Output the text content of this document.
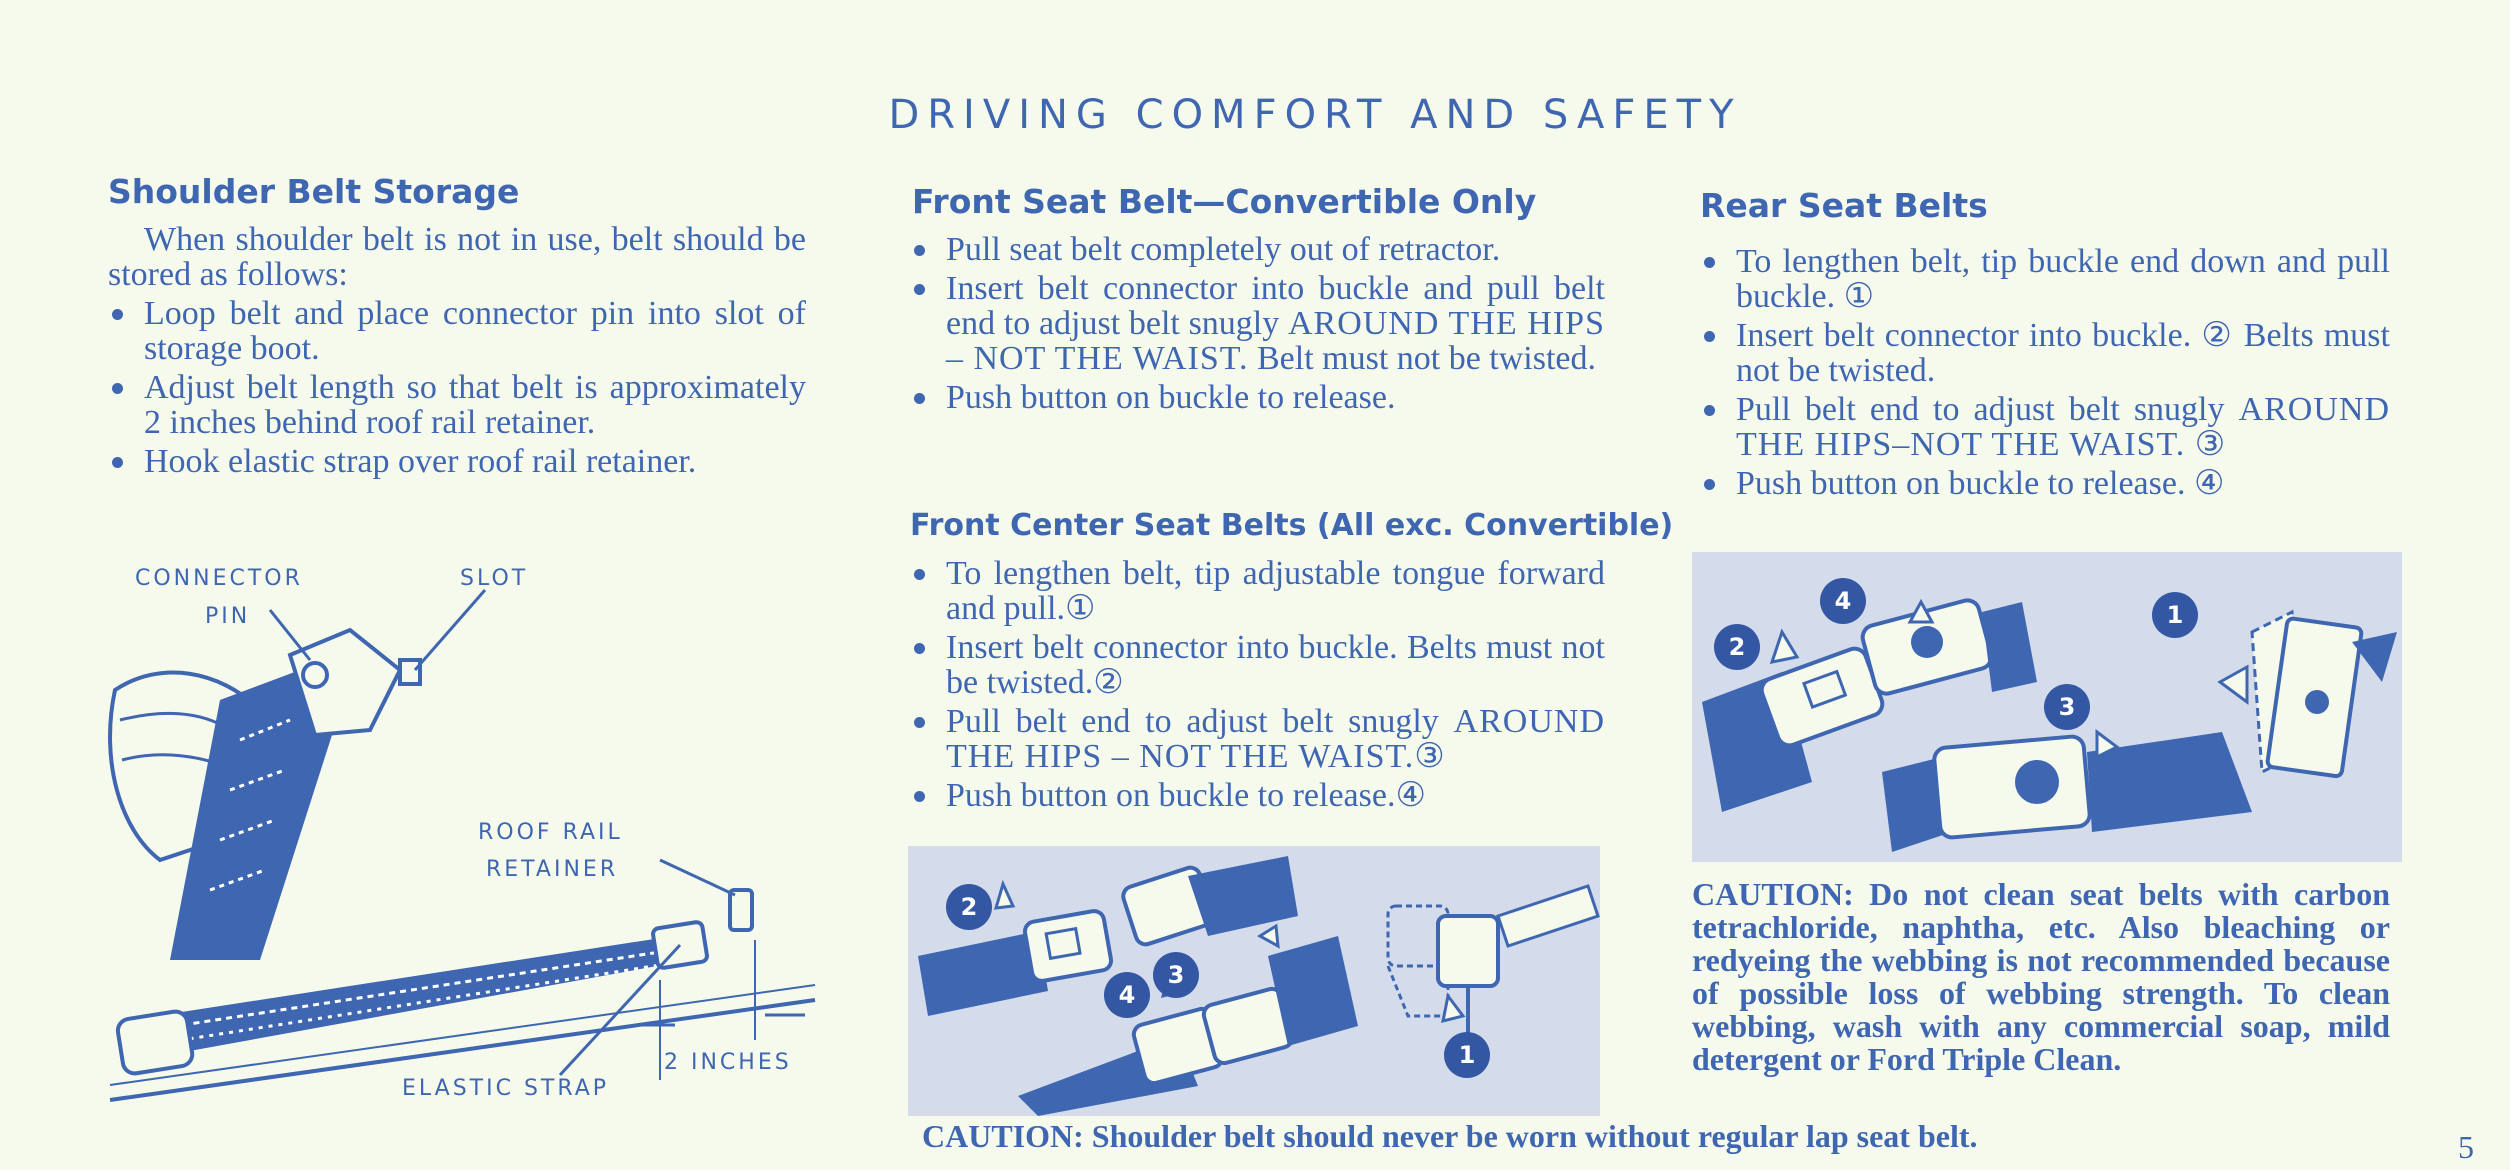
DRIVING COMFORT AND SAFETY
Shoulder Belt Storage
When shoulder belt is not in use, belt should be stored as follows:
Loop belt and place connector pin into slot of storage boot.
Adjust belt length so that belt is approximately 2 inches behind roof rail retainer.
Hook elastic strap over roof rail retainer.
CONNECTOR
PIN
SLOT
ROOF RAIL
RETAINER
2 INCHES
ELASTIC STRAP
Front Seat Belt—Convertible Only
Pull seat belt completely out of retractor.
Insert belt connector into buckle and pull belt end to adjust belt snugly AROUND THE HIPS – NOT THE WAIST. Belt must not be twisted.
Push button on buckle to release.
Front Center Seat Belts (All exc. Convertible)
To lengthen belt, tip adjustable tongue forward and pull.①
Insert belt connector into buckle. Belts must not be twisted.②
Pull belt end to adjust belt snugly AROUND THE HIPS – NOT THE WAIST.③
Push button on buckle to release.④
2
3
4
1
CAUTION: Shoulder belt should never be worn without regular lap seat belt.
Rear Seat Belts
To lengthen belt, tip buckle end down and pull buckle. ①
Insert belt connector into buckle. ② Belts must not be twisted.
Pull belt end to adjust belt snugly AROUND THE HIPS–NOT THE WAIST. ③
Push button on buckle to release. ④
2
4
3
1
CAUTION: Do not clean seat belts with carbon tetrachloride, naphtha, etc. Also bleaching or redyeing the webbing is not recommended because of possible loss of webbing strength. To clean webbing, wash with any commercial soap, mild detergent or Ford Triple Clean.
5
